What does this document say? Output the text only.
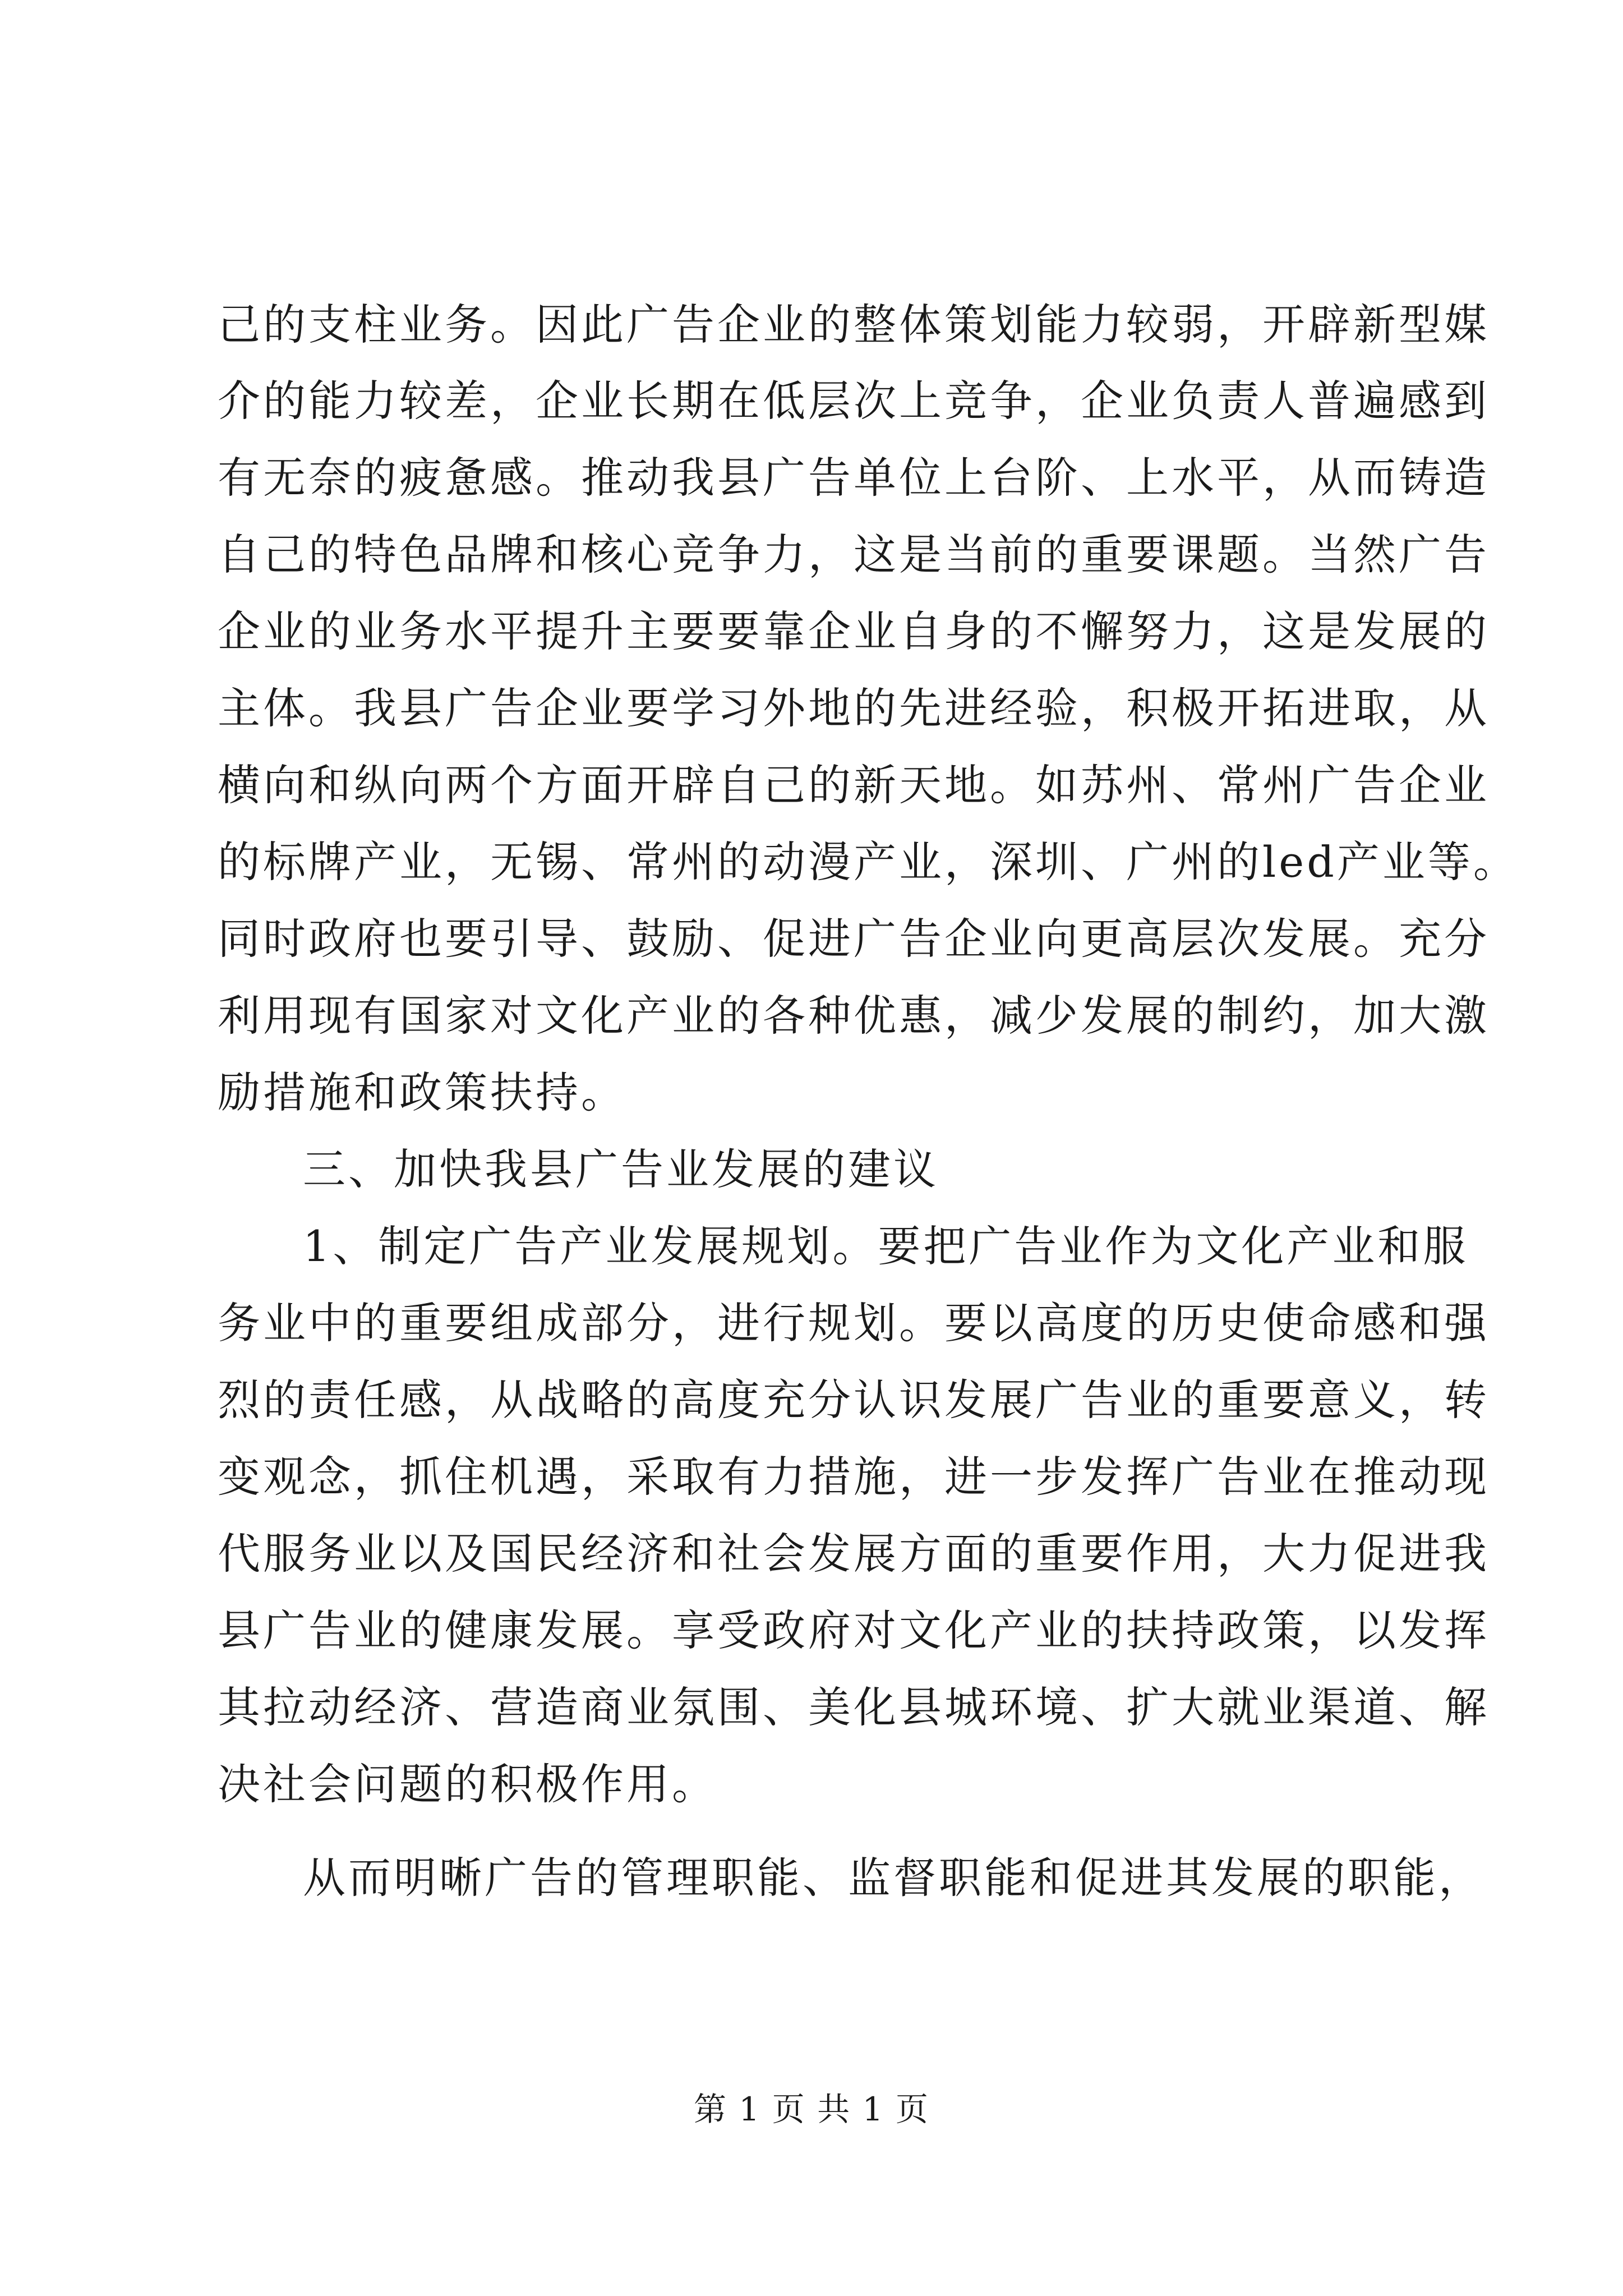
己的支柱业务。因此广告企业的整体策划能力较弱，开辟新型媒
介的能力较差，企业长期在低层次上竞争，企业负责人普遍感到
有无奈的疲惫感。推动我县广告单位上台阶、上水平，从而铸造
自己的特色品牌和核心竞争力，这是当前的重要课题。当然广告
企业的业务水平提升主要要靠企业自身的不懈努力，这是发展的
主体。我县广告企业要学习外地的先进经验，积极开拓进取，从
横向和纵向两个方面开辟自己的新天地。如苏州、常州广告企业
的标牌产业，无锡、常州的动漫产业，深圳、广州的led产业等。
同时政府也要引导、鼓励、促进广告企业向更高层次发展。充分
利用现有国家对文化产业的各种优惠，减少发展的制约，加大激
励措施和政策扶持。
三、加快我县广告业发展的建议
1、制定广告产业发展规划。要把广告业作为文化产业和服
务业中的重要组成部分，进行规划。要以高度的历史使命感和强
烈的责任感，从战略的高度充分认识发展广告业的重要意义，转
变观念，抓住机遇，采取有力措施，进一步发挥广告业在推动现
代服务业以及国民经济和社会发展方面的重要作用，大力促进我
县广告业的健康发展。享受政府对文化产业的扶持政策，以发挥
其拉动经济、营造商业氛围、美化县城环境、扩大就业渠道、解
决社会问题的积极作用。
从而明晰广告的管理职能、监督职能和促进其发展的职能，
第 1 页 共 1 页
